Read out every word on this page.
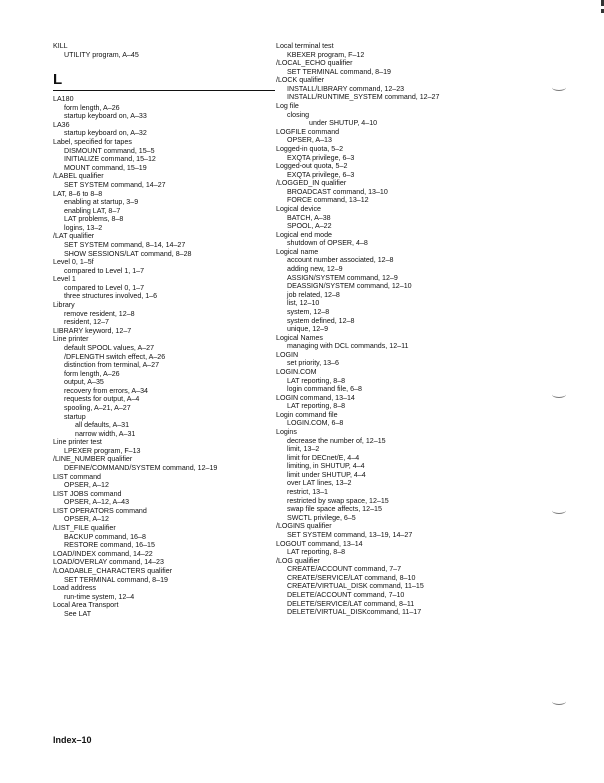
KILL
UTILITY program, A–45
L
LA180
form length, A–26
startup keyboard on, A–33
LA36
startup keyboard on, A–32
Label, specified for tapes
DISMOUNT command, 15–5
INITIALIZE command, 15–12
MOUNT command, 15–19
/LABEL qualifier
SET SYSTEM command, 14–27
LAT, 8–6 to 8–8
enabling at startup, 3–9
enabling LAT, 8–7
LAT problems, 8–8
logins, 13–2
/LAT qualifier
SET SYSTEM command, 8–14, 14–27
SHOW SESSIONS/LAT command, 8–28
Level 0, 1–5f
compared to Level 1, 1–7
Level 1
compared to Level 0, 1–7
three structures involved, 1–6
Library
remove resident, 12–8
resident, 12–7
LIBRARY keyword, 12–7
Line printer
default SPOOL values, A–27
/DFLENGTH switch effect, A–26
distinction from terminal, A–27
form length, A–26
output, A–35
recovery from errors, A–34
requests for output, A–4
spooling, A–21, A–27
startup
all defaults, A–31
narrow width, A–31
Line printer test
LPEXER program, F–13
/LINE_NUMBER qualifier
DEFINE/COMMAND/SYSTEM command, 12–19
LIST command
OPSER, A–12
LIST JOBS command
OPSER, A–12, A–43
LIST OPERATORS command
OPSER, A–12
/LIST_FILE qualifier
BACKUP command, 16–8
RESTORE command, 16–15
LOAD/INDEX command, 14–22
LOAD/OVERLAY command, 14–23
/LOADABLE_CHARACTERS qualifier
SET TERMINAL command, 8–19
Load address
run-time system, 12–4
Local Area Transport
See LAT
Local terminal test
KBEXER program, F–12
/LOCAL_ECHO qualifier
SET TERMINAL command, 8–19
/LOCK qualifier
INSTALL/LIBRARY command, 12–23
INSTALL/RUNTIME_SYSTEM command, 12–27
Log file
closing
under SHUTUP, 4–10
LOGFILE command
OPSER, A–13
Logged-in quota, 5–2
EXQTA privilege, 6–3
Logged-out quota, 5–2
EXQTA privilege, 6–3
/LOGGED_IN qualifier
BROADCAST command, 13–10
FORCE command, 13–12
Logical device
BATCH, A–38
SPOOL, A–22
Logical end mode
shutdown of OPSER, 4–8
Logical name
account number associated, 12–8
adding new, 12–9
ASSIGN/SYSTEM command, 12–9
DEASSIGN/SYSTEM command, 12–10
job related, 12–8
list, 12–10
system, 12–8
system defined, 12–8
unique, 12–9
Logical Names
managing with DCL commands, 12–11
LOGIN
set priority, 13–6
LOGIN.COM
LAT reporting, 8–8
login command file, 6–8
LOGIN command, 13–14
LAT reporting, 8–8
Login command file
LOGIN.COM, 6–8
Logins
decrease the number of, 12–15
limit, 13–2
limit for DECnet/E, 4–4
limiting, in SHUTUP, 4–4
limit under SHUTUP, 4–4
over LAT lines, 13–2
restrict, 13–1
restricted by swap space, 12–15
swap file space affects, 12–15
SWCTL privilege, 6–5
/LOGINS qualifier
SET SYSTEM command, 13–19, 14–27
LOGOUT command, 13–14
LAT reporting, 8–8
/LOG qualifier
CREATE/ACCOUNT command, 7–7
CREATE/SERVICE/LAT command, 8–10
CREATE/VIRTUAL_DISK command, 11–15
DELETE/ACCOUNT command, 7–10
DELETE/SERVICE/LAT command, 8–11
DELETE/VIRTUAL_DISKcommand, 11–17
Index–10
